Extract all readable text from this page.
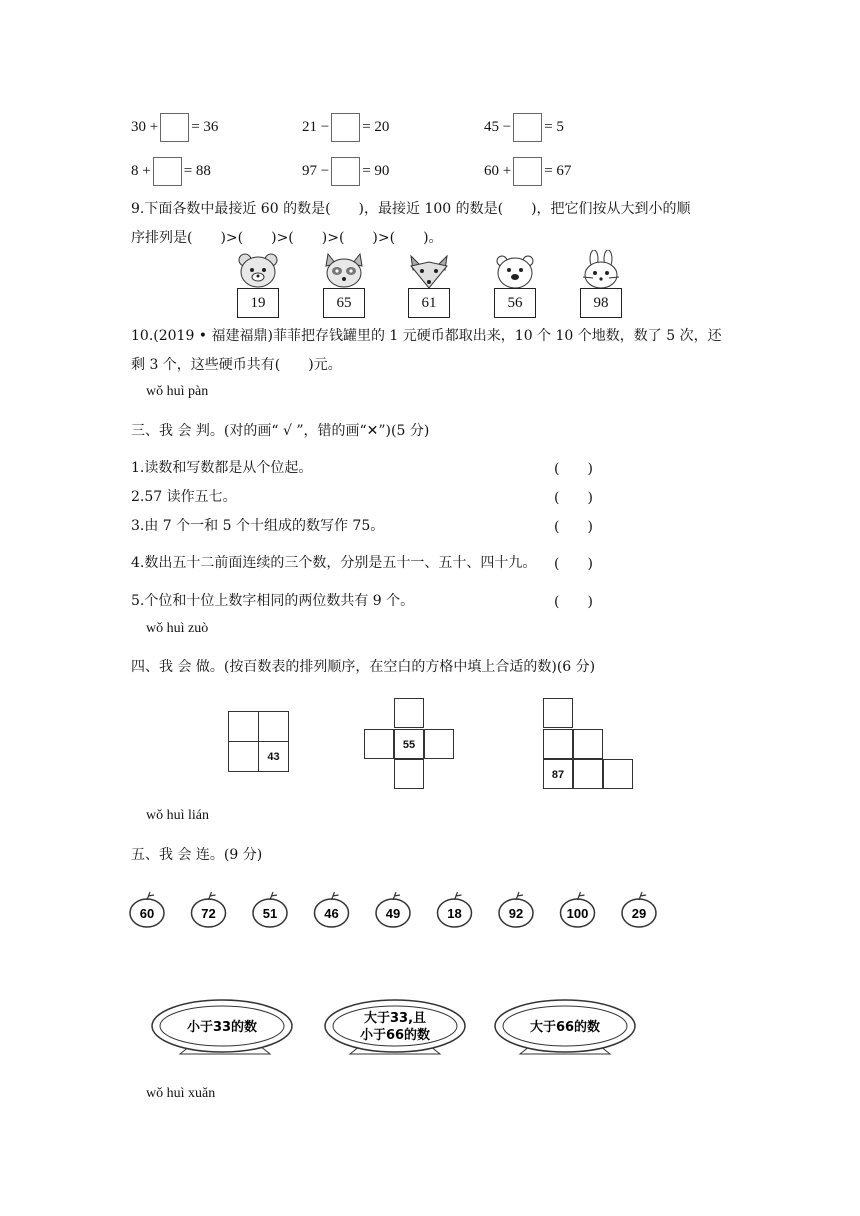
30 + = 36	21 − = 20	45 − = 5
8 + = 88	97 − = 90	60 + = 67
9.下面各数中最接近 60 的数是(　　)，最接近 100 的数是(　　)，把它们按从大到小的顺
序排列是(　　)>(　　)>(　　)>(　　)>(　　)。
19	65	61	56	98
10.(2019 • 福建福鼎)菲菲把存钱罐里的 1 元硬币都取出来，10 个 10 个地数，数了 5 次，还
剩 3 个，这些硬币共有(　　)元。
wǒ huì pàn
三、我 会 判。(对的画“ √ ”，错的画“✕”)(5 分)
1.读数和写数都是从个位起。	(　　)
2.57 读作五七。	(　　)
3.由 7 个一和 5 个十组成的数写作 75。	(　　)
4.数出五十二前面连续的三个数，分别是五十一、五十、四十九。 (　　)
5.个位和十位上数字相同的两位数共有 9 个。	(　　)
wǒ huì zuò
四、我 会 做。(按百数表的排列顺序，在空白的方格中填上合适的数)(6 分)
43
55
87
wǒ huì lián
五、我 会 连。(9 分)
60	72	51	46	49	18	92	100	29
小于33的数
大于33,且
小于66的数
大于66的数
wǒ huì xuǎn
